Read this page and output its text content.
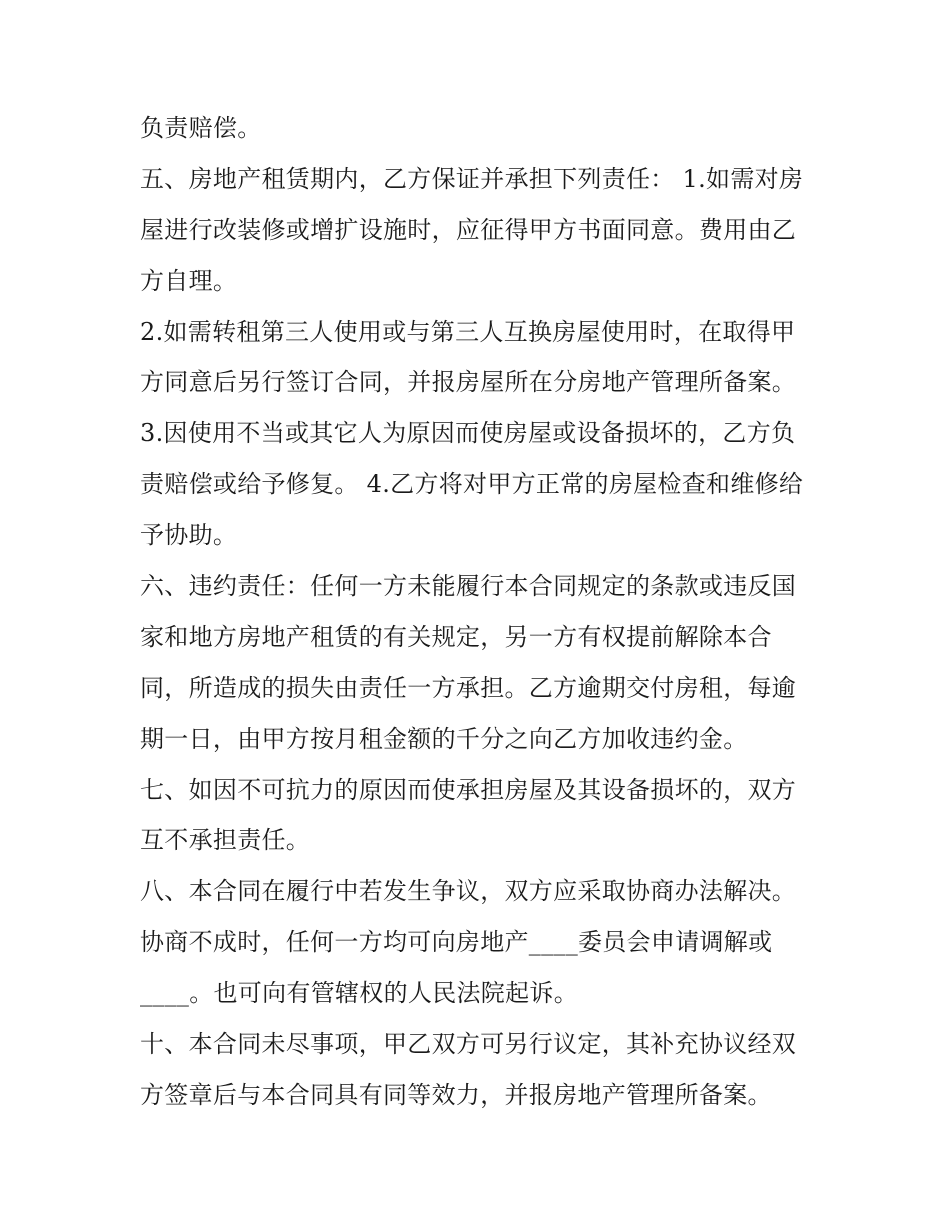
负责赔偿。
五、房地产租赁期内，乙方保证并承担下列责任： 1.如需对房
屋进行改装修或增扩设施时，应征得甲方书面同意。费用由乙
方自理。
2.如需转租第三人使用或与第三人互换房屋使用时，在取得甲
方同意后另行签订合同，并报房屋所在分房地产管理所备案。
3.因使用不当或其它人为原因而使房屋或设备损坏的，乙方负
责赔偿或给予修复。 4.乙方将对甲方正常的房屋检查和维修给
予协助。
六、违约责任：任何一方未能履行本合同规定的条款或违反国
家和地方房地产租赁的有关规定，另一方有权提前解除本合
同，所造成的损失由责任一方承担。乙方逾期交付房租，每逾
期一日，由甲方按月租金额的千分之向乙方加收违约金。
七、如因不可抗力的原因而使承担房屋及其设备损坏的，双方
互不承担责任。
八、本合同在履行中若发生争议，双方应采取协商办法解决。
协商不成时，任何一方均可向房地产____委员会申请调解或
____。也可向有管辖权的人民法院起诉。
十、本合同未尽事项，甲乙双方可另行议定，其补充协议经双
方签章后与本合同具有同等效力，并报房地产管理所备案。
